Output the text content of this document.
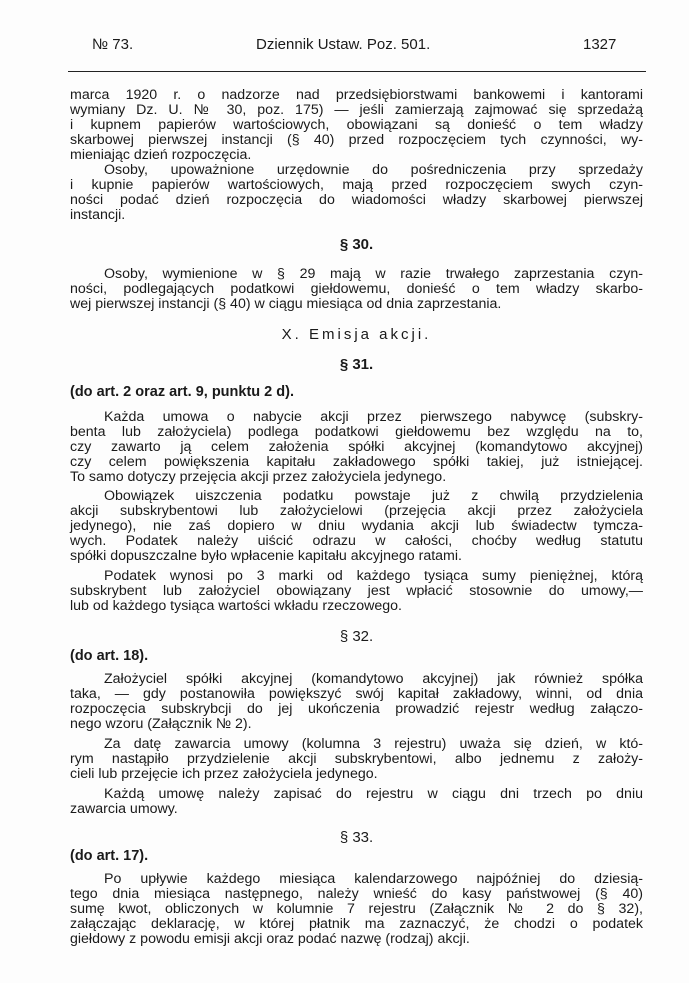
№ 73.	Dziennik Ustaw. Poz. 501.	1327
marca 1920 r. o nadzorze nad przedsiębiorstwami bankowemi i kantorami
wymiany Dz. U. № 30, poz. 175) — jeśli zamierzają zajmować się sprzedażą
i kupnem papierów wartościowych, obowiązani są donieść o tem władzy
skarbowej pierwszej instancji (§ 40) przed rozpoczęciem tych czynności, wy-
mieniając dzień rozpoczęcia.
Osoby, upoważnione urzędownie do pośredniczenia przy sprzedaży
i kupnie papierów wartościowych, mają przed rozpoczęciem swych czyn-
ności podać dzień rozpoczęcia do wiadomości władzy skarbowej pierwszej
instancji.
§ 30.
Osoby, wymienione w § 29 mają w razie trwałego zaprzestania czyn-
ności, podlegających podatkowi giełdowemu, donieść o tem władzy skarbo-
wej pierwszej instancji (§ 40) w ciągu miesiąca od dnia zaprzestania.
X. Emisja akcji.
§ 31.
(do art. 2 oraz art. 9, punktu 2 d).
Każda umowa o nabycie akcji przez pierwszego nabywcę (subskry-
benta lub założyciela) podlega podatkowi giełdowemu bez względu na to,
czy zawarto ją celem założenia spółki akcyjnej (komandytowo akcyjnej)
czy celem powiększenia kapitału zakładowego spółki takiej, już istniejącej.
To samo dotyczy przejęcia akcji przez założyciela jedynego.
Obowiązek uiszczenia podatku powstaje już z chwilą przydzielenia
akcji subskrybentowi lub założycielowi (przejęcia akcji przez założyciela
jedynego), nie zaś dopiero w dniu wydania akcji lub świadectw tymcza-
wych. Podatek należy uiścić odrazu w całości, choćby według statutu
spółki dopuszczalne było wpłacenie kapitału akcyjnego ratami.
Podatek wynosi po 3 marki od każdego tysiąca sumy pieniężnej, którą
subskrybent lub założyciel obowiązany jest wpłacić stosownie do umowy,—
lub od każdego tysiąca wartości wkładu rzeczowego.
§ 32.
(do art. 18).
Założyciel spółki akcyjnej (komandytowo akcyjnej) jak również spółka
taka, — gdy postanowiła powiększyć swój kapitał zakładowy, winni, od dnia
rozpoczęcia subskrybcji do jej ukończenia prowadzić rejestr według załączo-
nego wzoru (Załącznik № 2).
Za datę zawarcia umowy (kolumna 3 rejestru) uważa się dzień, w któ-
rym nastąpiło przydzielenie akcji subskrybentowi, albo jednemu z założy-
cieli lub przejęcie ich przez założyciela jedynego.
Każdą umowę należy zapisać do rejestru w ciągu dni trzech po dniu
zawarcia umowy.
§ 33.
(do art. 17).
Po upływie każdego miesiąca kalendarzowego najpóźniej do dziesią-
tego dnia miesiąca następnego, należy wnieść do kasy państwowej (§ 40)
sumę kwot, obliczonych w kolumnie 7 rejestru (Załącznik № 2 do § 32),
załączając deklarację, w której płatnik ma zaznaczyć, że chodzi o podatek
giełdowy z powodu emisji akcji oraz podać nazwę (rodzaj) akcji.
